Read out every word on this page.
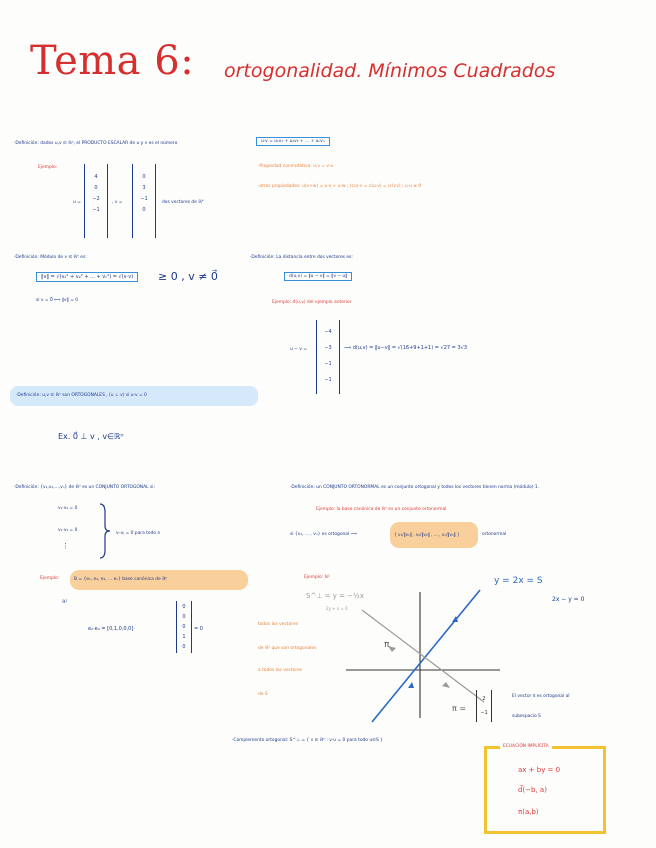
Tema 6: ortogonalidad. Mínimos Cuadrados
·Definición: dados u,v ∈ ℝⁿ, el PRODUCTO ESCALAR de u y v es el número	u·v = u₁v₁ + u₂v₂ + ... + uₙvₙ
Ejemplo:
u =
4
0
−2
−1
, v =
0
3
−1
0
dos vectores de ℝ⁴
·Propiedad conmutativa: u·v = v·u
·otras propiedades: u(v+w) = u·v + u·w ; (cu)·v = c(u·v) = u·(cv) ; u·u ≥ 0
·Definición: Módulo de v ∈ ℝⁿ es:
‖v‖ = √(v₁² + v₂² + ... + vₙ²) = √(v·v)	≥ 0 , v ≠ 0⃗
si v = 0⃗ ⟺ ‖v‖ = 0
·Definición: La distancia entre dos vectores es:
d(u,v) = ‖u − v‖ = ‖v − u‖
Ejemplo: d(u,v) del ejemplo anterior
u − v =
−4
−3
−1
−1
⟹ d(u,v) = ‖u−v‖ = √(16+9+1+1) = √27 = 3√3
·Definición: u,v ∈ ℝⁿ son ORTOGONALES , (u ⊥ v) si u·v = 0
Ex. 0⃗ ⊥ v , v∈ℝⁿ
·Definición: {v₁,v₂,...,vₙ} de ℝⁿ es un CONJUNTO ORTOGONAL si:
v₁·v₂ = 0
v₁·v₃ = 0
⋮
vᵢ·vⱼ = 0 para todo n
Ejemplo:	B = {e₁, e₂, e₃, ... eₙ} base canónica de ℝⁿ
ℝ⁵
e₂·e₄ = [0,1,0,0,0]·
0
0
0
1
0
= 0
·Definición: un CONJUNTO ORTONORMAL es un conjunto ortogonal y todos los vectores tienen norma (módulo) 1.
Ejemplo: la base canónica de ℝⁿ es un conjunto ortonormal
si {v₁, ... , vₙ} es ortogonal ⟹	{ v₁/‖v₁‖ , v₂/‖v₂‖ , ... , vₙ/‖vₙ‖ }	ortonormal
Ejemplo: ℝ²
S^⊥ = y = −½x
2y + x = 0
y = 2x = S
2x − y = 0
π
π =
2
−1
todos los vectores
de ℝ² que son ortogonales
a todos los vectores
de S	El vector π es ortogonal al
subespacio S
·Complemento ortogonal: S^⊥ = { v ∈ ℝⁿ : v·u = 0 para todo u∈S }
ECUACIÓN IMPLÍCITA
ax + by = 0
d⃗(−b, a)
π(a,b)
